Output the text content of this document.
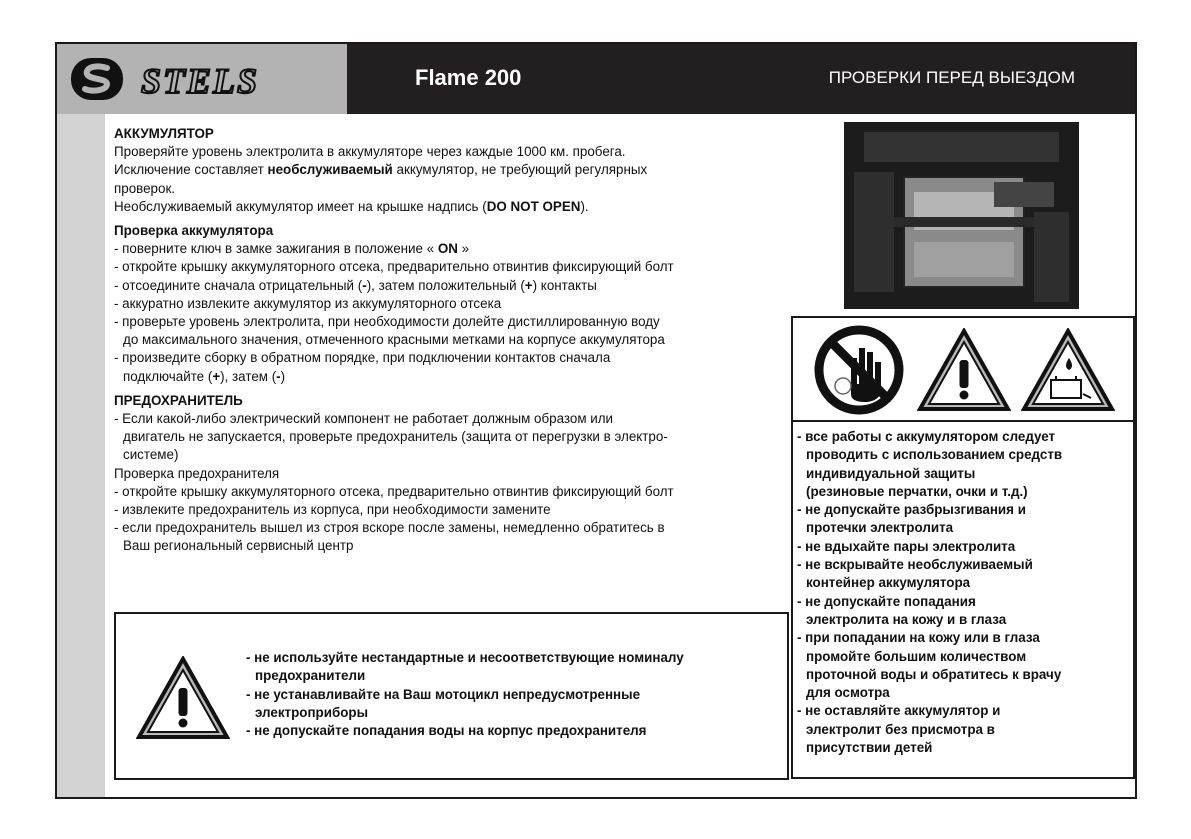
STELS	Flame 200	ПРОВЕРКИ ПЕРЕД ВЫЕЗДОМ

АККУМУЛЯТОР

Проверяйте уровень электролита в аккумуляторе через каждые 1000 км. пробега.

Исключение составляет необслуживаемый аккумулятор, не требующий регулярных

проверок.

Необслуживаемый аккумулятор имеет на крышке надпись (DO NOT OPEN).

Проверка аккумулятора

- поверните ключ в замке зажигания в положение « ON »

- откройте крышку аккумуляторного отсека, предварительно отвинтив фиксирующий болт

- отсоедините сначала отрицательный (-), затем положительный (+) контакты

- аккуратно извлеките аккумулятор из аккумуляторного отсека

- проверьте уровень электролита, при необходимости долейте дистиллированную воду

до максимального значения, отмеченного красными метками на корпусе аккумулятора

- произведите сборку в обратном порядке, при подключении контактов сначала

подключайте (+), затем (-)

ПРЕДОХРАНИТЕЛЬ

- Если какой-либо электрический компонент не работает должным образом или

двигатель не запускается, проверьте предохранитель (защита от перегрузки в электро-

системе)

Проверка предохранителя

- откройте крышку аккумуляторного отсека, предварительно отвинтив фиксирующий болт

- извлеките предохранитель из корпуса, при необходимости замените

- если предохранитель вышел из строя вскоре после замены, немедленно обратитесь в

Ваш региональный сервисный центр

- все работы с аккумулятором следует

проводить с использованием средств

индивидуальной защиты

(резиновые перчатки, очки и т.д.)

- не допускайте разбрызгивания и

протечки электролита

- не вдыхайте пары электролита

- не вскрывайте необслуживаемый

контейнер аккумулятора

- не допускайте попадания

электролита на кожу и в глаза

- при попадании на кожу или в глаза

промойте большим количеством

проточной воды и обратитесь к врачу

для осмотра

- не оставляйте аккумулятор и

электролит без присмотра в

присутствии детей

- не используйте нестандартные и несоответствующие номиналу

предохранители

- не устанавливайте на Ваш мотоцикл непредусмотренные

электроприборы

- не допускайте попадания воды на корпус предохранителя
